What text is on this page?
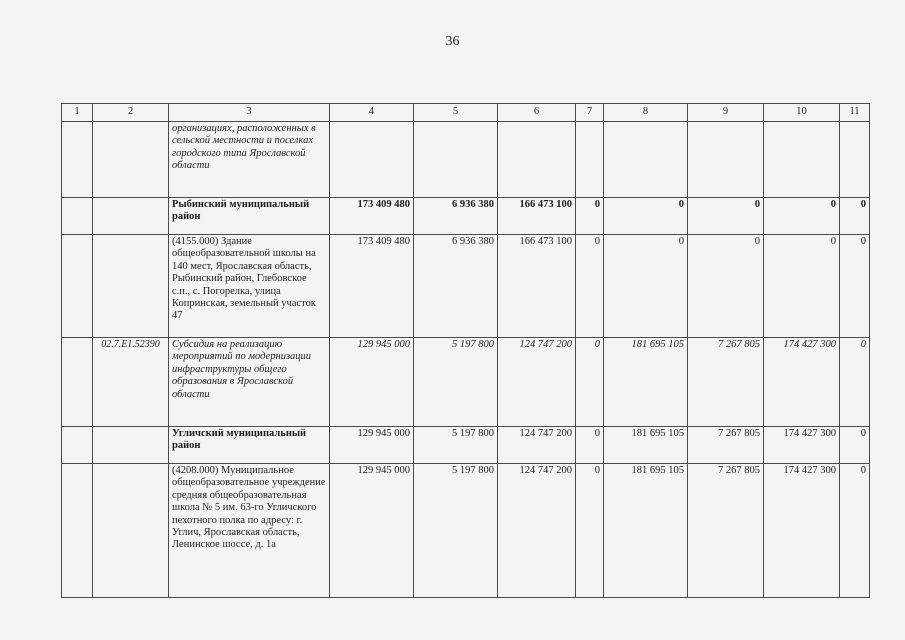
36
1	2	3	4	5	6	7	8	9	10	11
		организациях, расположенных в сельской местности и поселках городского типа Ярославской области								
		Рыбинский муниципальный район	173 409 480	6 936 380	166 473 100	0	0	0	0	0
		(4155.000) Здание общеобразовательной школы на 140 мест, Ярославская область, Рыбинский район, Глебовское с.п., с. Погорелка, улица Копринская, земельный участок 47	173 409 480	6 936 380	166 473 100	0	0	0	0	0
	02.7.E1.52390	Субсидия на реализацию мероприятий по модернизации инфраструктуры общего образования в Ярославской области	129 945 000	5 197 800	124 747 200	0	181 695 105	7 267 805	174 427 300	0
		Угличский муниципальный район	129 945 000	5 197 800	124 747 200	0	181 695 105	7 267 805	174 427 300	0
		(4208.000) Муниципальное общеобразовательное учреждение средняя общеобразовательная школа № 5 им. 63-го Угличского пехотного полка по адресу: г. Углич, Ярославская область, Ленинское шоссе, д. 1а	129 945 000	5 197 800	124 747 200	0	181 695 105	7 267 805	174 427 300	0
